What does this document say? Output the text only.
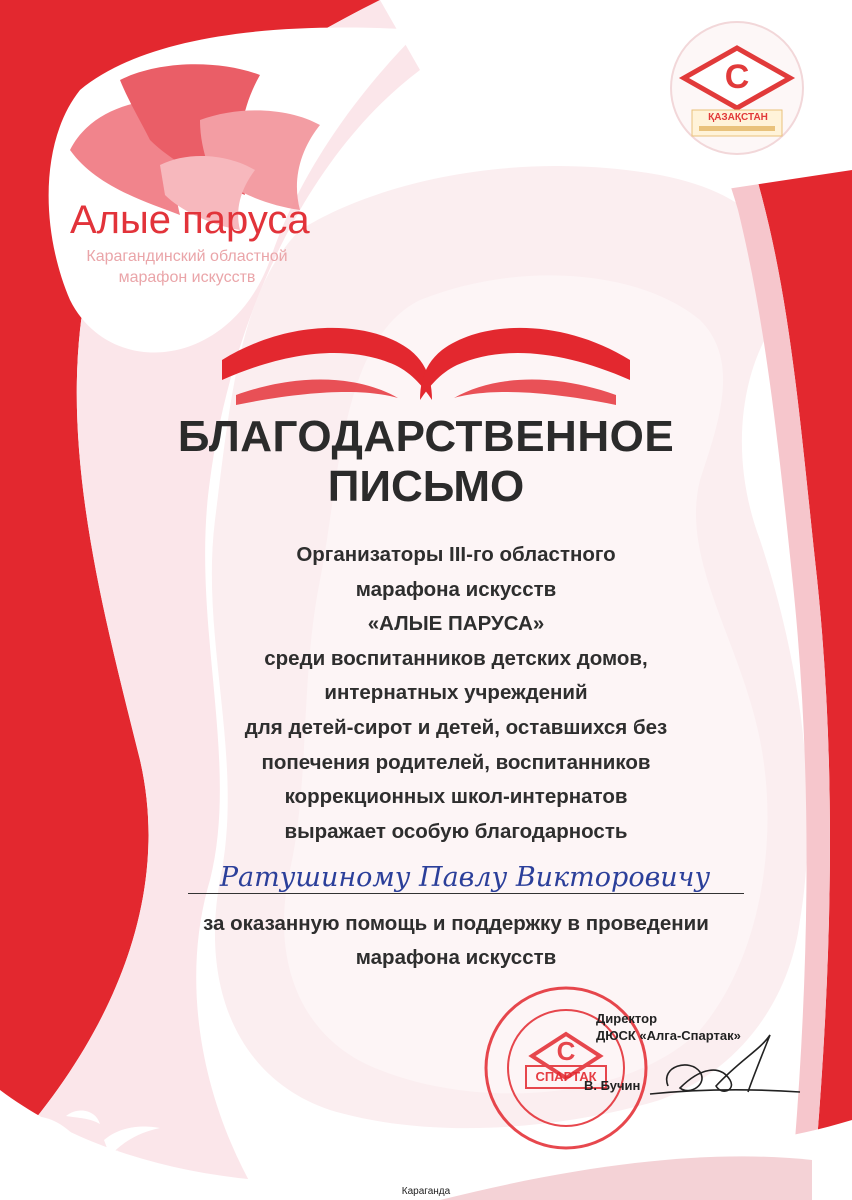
Алые паруса
Карагандинский областной
марафон искусств
С
ҚАЗАҚСТАН
БЛАГОДАРСТВЕННОЕ
ПИСЬМО
Организаторы III-го областного
марафона искусств
«АЛЫЕ ПАРУСА»
среди воспитанников детских домов,
интернатных учреждений
для детей-сирот и детей, оставшихся без
попечения родителей, воспитанников
коррекционных школ-интернатов
выражает особую благодарность
Ратушиному Павлу Викторовичу
за оказанную помощь и поддержку в проведении
марафона искусств
С
СПАРТАК
Директор
ДЮСК «Алга-Спартак»
В. Бучин
Караганда
